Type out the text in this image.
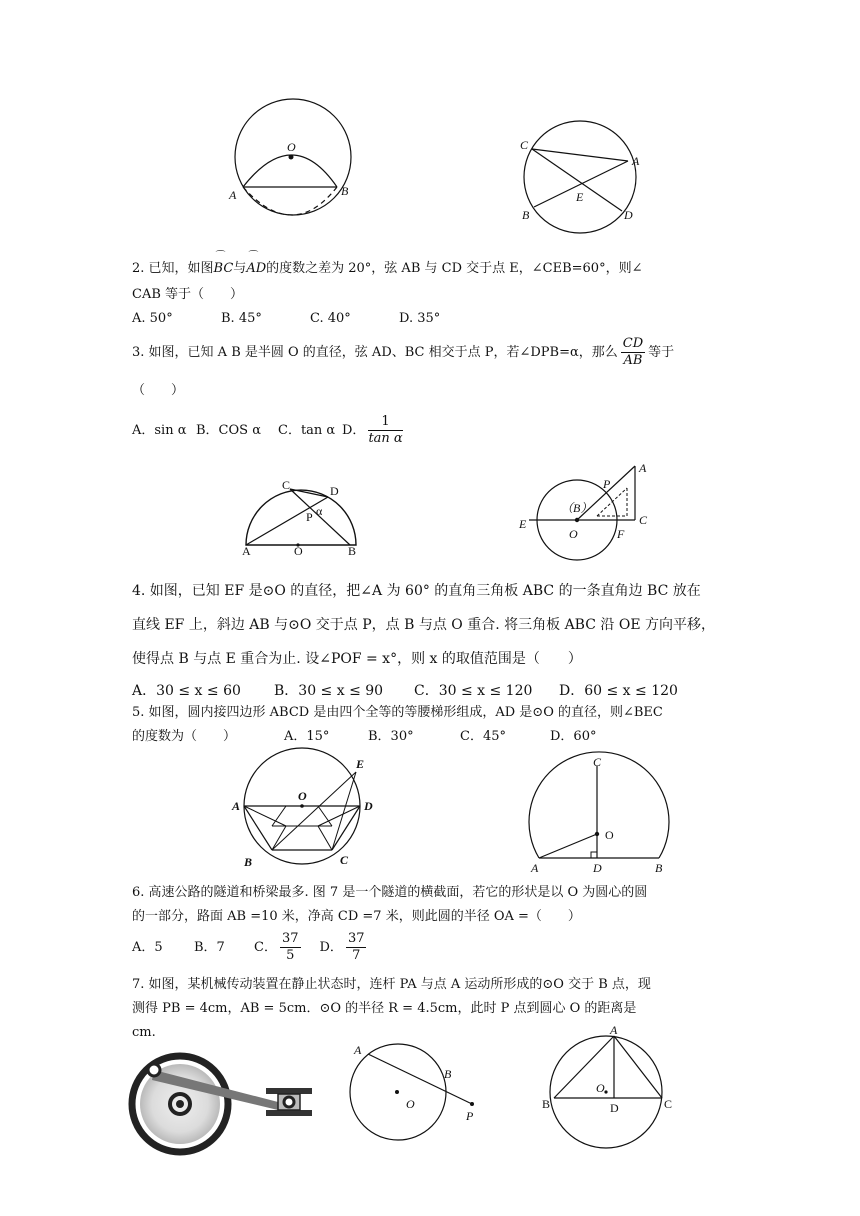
O
A	B
C
A
E
B	D
2. 已知，如图⌒ BC与⌒ AD的度数之差为 20°，弦 AB 与 CD 交于点 E，∠CEB=60°，则∠
CAB 等于（　　）
A. 50°	B. 45°	C. 40°	D. 35°
3. 如图，已知 A B 是半圆 O 的直径，弦 AD、BC 相交于点 P，若∠DPB=α，那么 $\frac{CD}{AB}$ 等于
（　　）
A．sin α B．COS α C．tan α D． $\frac{1}{\text{tan α}}$
C	D
P α
A	O	B
A
P
（B）
E
O	F
C
4. 如图，已知 EF 是⊙O 的直径，把∠A 为 60° 的直角三角板 ABC 的一条直角边 BC 放在
直线 EF 上，斜边 AB 与⊙O 交于点 P，点 B 与点 O 重合. 将三角板 ABC 沿 OE 方向平移，
使得点 B 与点 E 重合为止. 设∠POF = x°，则 x 的取值范围是（　　）
A．30 ≤ x ≤ 60 B．30 ≤ x ≤ 90 C．30 ≤ x ≤ 120 D．60 ≤ x ≤ 120
5. 如图，圆内接四边形 ABCD 是由四个全等的等腰梯形组成，AD 是⊙O 的直径，则∠BEC
的度数为（　　）	A．15°	B．30°	C．45°	D．60°
E
A
O
D
B	C
C
O
A	D	B
6. 高速公路的隧道和桥梁最多. 图 7 是一个隧道的横截面，若它的形状是以 O 为圆心的圆
的一部分，路面 AB =10 米，净高 CD =7 米，则此圆的半径 OA =（　　）
A．5 B．7 C． $\frac{37}{5}$ D． $\frac{37}{7}$
7. 如图，某机械传动装置在静止状态时，连杆 PA 与点 A 运动所形成的⊙O 交于 B 点，现
测得 PB = 4cm，AB = 5cm．⊙O 的半径 R = 4.5cm，此时 P 点到圆心 O 的距离是
cm.
A
B
O
P
A
O
B	D	C
